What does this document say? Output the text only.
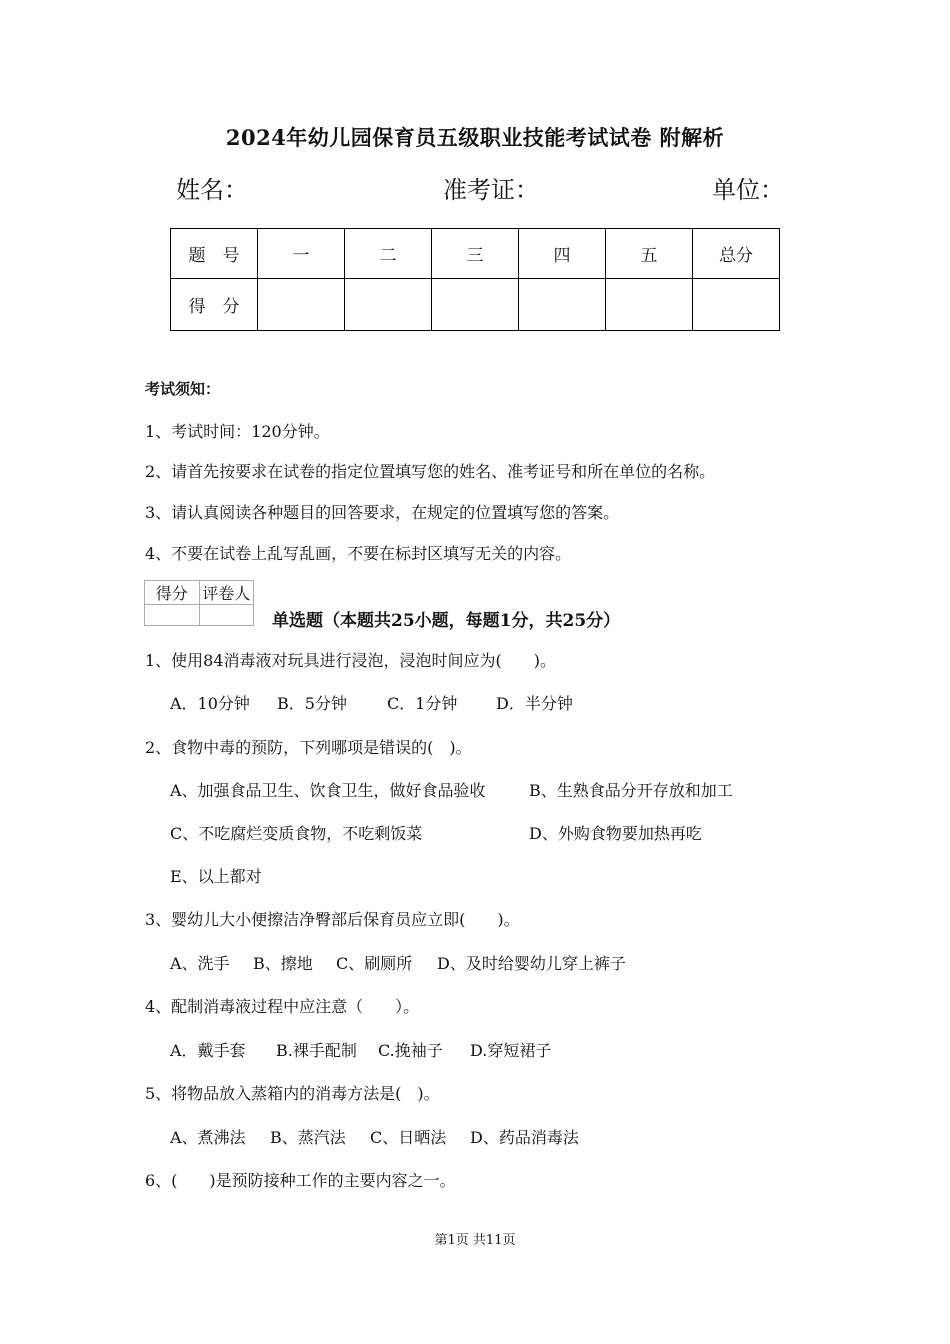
2024年幼儿园保育员五级职业技能考试试卷 附解析
姓名：	准考证：	单位：
题　号	一	二	三	四	五	总分
得　分						
考试须知：
1、考试时间：120分钟。
2、请首先按要求在试卷的指定位置填写您的姓名、准考证号和所在单位的名称。
3、请认真阅读各种题目的回答要求，在规定的位置填写您的答案。
4、不要在试卷上乱写乱画，不要在标封区填写无关的内容。
得分	评卷人

单选题（本题共25小题，每题1分，共25分）
1、使用84消毒液对玩具进行浸泡，浸泡时间应为(　　)。
A．10分钟 B．5分钟	C．1分钟 D．半分钟
2、食物中毒的预防，下列哪项是错误的(　)。
A、加强食品卫生、饮食卫生，做好食品验收	B、生熟食品分开存放和加工
C、不吃腐烂变质食物，不吃剩饭菜	D、外购食物要加热再吃
E、以上都对
3、婴幼儿大小便擦洁净臀部后保育员应立即(　　)。
A、洗手 B、擦地 C、刷厕所 D、及时给婴幼儿穿上裤子
4、配制消毒液过程中应注意（　　）。
A．戴手套 B.裸手配制 C.挽袖子 D.穿短裙子
5、将物品放入蒸箱内的消毒方法是(　)。
A、煮沸法 B、蒸汽法 C、日晒法 D、药品消毒法
6、(　　)是预防接种工作的主要内容之一。
第1页 共11页
